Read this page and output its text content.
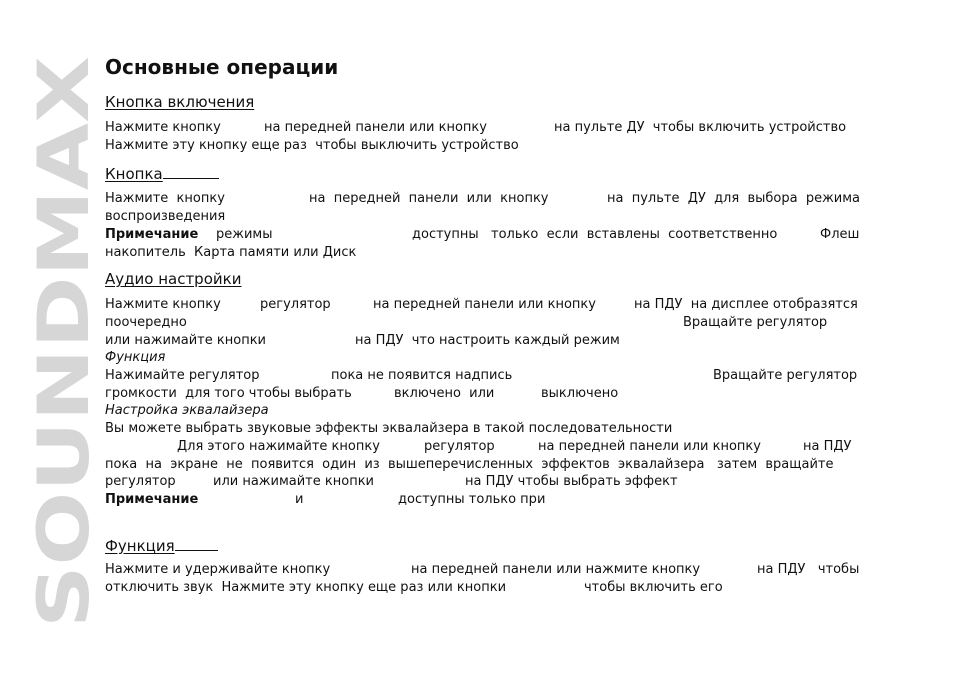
SOUNDMAX
Основные операции
Кнопка включения
Нажмите кнопку	на передней панели или кнопку	на пульте ДУ  чтобы включить устройство
Нажмите эту кнопку еще раз  чтобы выключить устройство
Кнопка
Нажмите  кнопку	на  передней  панели  или  кнопку	на  пульте  ДУ  для  выбора  режима
воспроизведения
Примечание режимы	доступны   только  если  вставлены  соответственно	Флеш
накопитель  Карта памяти или Диск
Аудио настройки
Нажмите кнопку	регулятор	на передней панели или кнопку	на ПДУ  на дисплее отобразятся
поочередно	Вращайте регулятор
или нажимайте кнопки	на ПДУ  что настроить каждый режим
Функция
Нажимайте регулятор	пока не появится надпись	Вращайте регулятор
громкости  для того чтобы выбрать	включено  или	выключено
Настройка эквалайзера
Вы можете выбрать звуковые эффекты эквалайзера в такой последовательности
Для этого нажимайте кнопку	регулятор	на передней панели или кнопку	на ПДУ
пока  на  экране  не  появится  один  из  вышеперечисленных  эффектов  эквалайзера   затем  вращайте
регулятор	или нажимайте кнопки	на ПДУ чтобы выбрать эффект
Примечание	и	доступны только при
Функция
Нажмите и удерживайте кнопку	на передней панели или нажмите кнопку	на ПДУ   чтобы
отключить звук  Нажмите эту кнопку еще раз или кнопки	чтобы включить его
